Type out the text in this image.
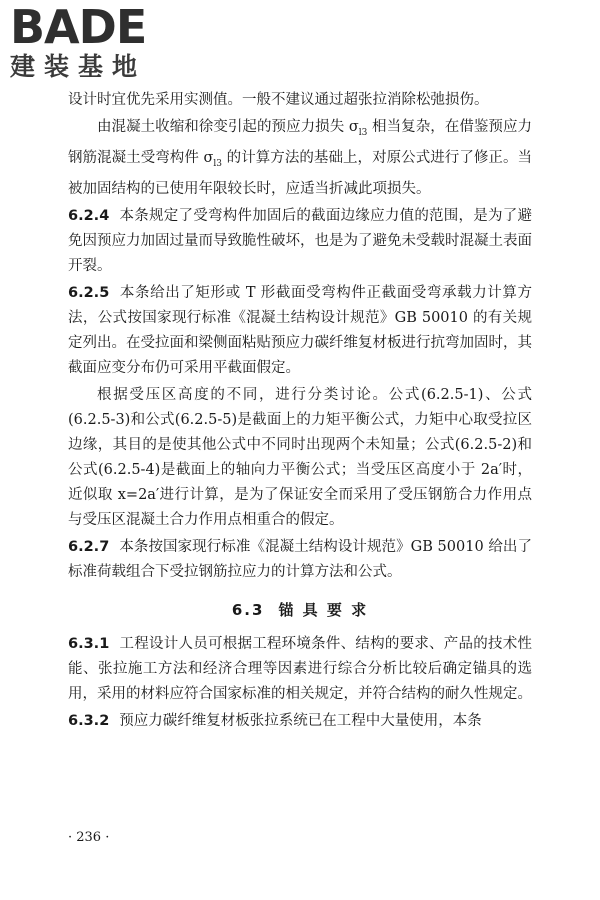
BADE
建装基地

设计时宜优先采用实测值。一般不建议通过超张拉消除松弛损伤。

由混凝土收缩和徐变引起的预应力损失 $\sigma_{l3}$ 相当复杂，在借鉴预应力钢筋混凝土受弯构件 $\sigma_{l3}$ 的计算方法的基础上，对原公式进行了修正。当被加固结构的已使用年限较长时，应适当折减此项损失。

6.2.4 本条规定了受弯构件加固后的截面边缘应力值的范围，是为了避免因预应力加固过量而导致脆性破坏，也是为了避免未受载时混凝土表面开裂。

6.2.5 本条给出了矩形或 T 形截面受弯构件正截面受弯承载力计算方法，公式按国家现行标准《混凝土结构设计规范》GB 50010 的有关规定列出。在受拉面和梁侧面粘贴预应力碳纤维复材板进行抗弯加固时，其截面应变分布仍可采用平截面假定。

根据受压区高度的不同，进行分类讨论。公式(6.2.5-1)、公式(6.2.5-3)和公式(6.2.5-5)是截面上的力矩平衡公式，力矩中心取受拉区边缘，其目的是使其他公式中不同时出现两个未知量；公式(6.2.5-2)和公式(6.2.5-4)是截面上的轴向力平衡公式；当受压区高度小于 2a′时，近似取 x=2a′进行计算，是为了保证安全而采用了受压钢筋合力作用点与受压区混凝土合力作用点相重合的假定。

6.2.7 本条按国家现行标准《混凝土结构设计规范》GB 50010 给出了标准荷载组合下受拉钢筋拉应力的计算方法和公式。

6.3 锚 具 要 求

6.3.1 工程设计人员可根据工程环境条件、结构的要求、产品的技术性能、张拉施工方法和经济合理等因素进行综合分析比较后确定锚具的选用，采用的材料应符合国家标准的相关规定，并符合结构的耐久性规定。

6.3.2 预应力碳纤维复材板张拉系统已在工程中大量使用，本条

· 236 ·
